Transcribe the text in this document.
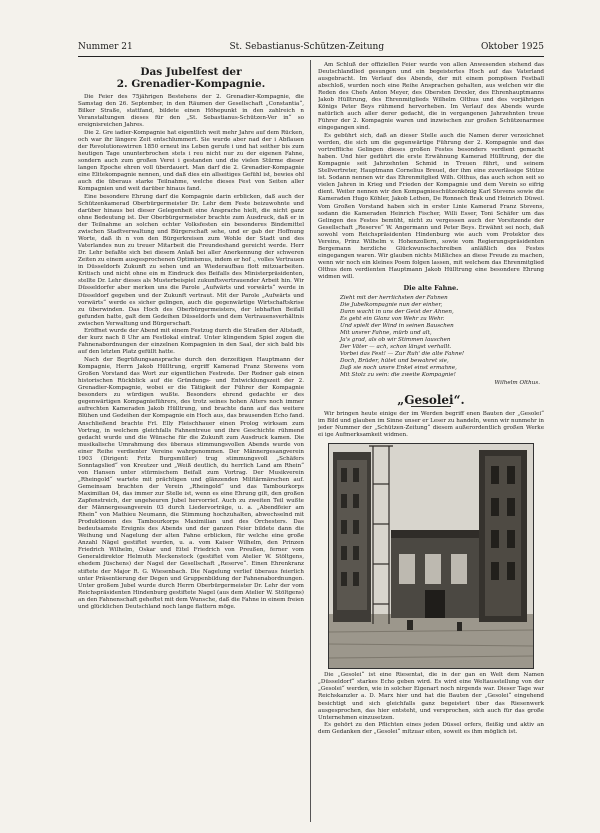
Nummer 21	St. Sebastianus-Schützen-Zeitung	Oktober 1925
Das Jubelfest der
2. Grenadier-Kompagnie.

Die Feier des 75jährigen Bestehens der 2. Grenadier-Kompagnie, die Samstag den 26. September, in den Räumen der Gesellschaft „Constantia“, Bilker Straße, stattfand, bildete einen Höhepunkt in den zahlreich n Veranstaltungen dieses für den „St. Sebastianus-Schützen-Ver in“ so ereignisreichen Jahres.

Die 2. Gre iadier-Kompagnie hat eigentlich weit mehr Jahre auf dem Rücken, och war ihr längere Zeit entschlummert. Sie wurde aber nad der i Abflauen der Revolutionswirren 1850 erneut ins Leben gerufe i und hat seither bis zum heutigen Tage ununterbrochen stets i reu nicht nur zu der eigenen Fahne, sondern auch zum großen Verei i gestanden und die vielen Stürme dieser langen Epoche ehren voll überdauert. Man darf die 2. Grenadier-Kompagnie eine Elitekompagnie nennen, und daß dies ein allseitiges Gefühl ist, bewies ohl auch die überaus starke Teilnahme, welche dieses Fest von Seiten aller Kompagnien und weit darüber hinaus fand.

Eine besondere Ehrung darf die Kompagnie darin erblicken, daß auch der Schützenkamerad Oberbürgermeister Dr. Lehr dem Feste beizuwohnte und darüber hinaus bei dieser Gelegenheit eine Ansprache hielt, die nicht ganz ohne Bedeutung ist. Der Oberbürgermeister brachte zum Ausdruck, daß er in der Teilnahme an solchen echter Volksfesten ein besonderes Bindemittel zwischen Stadtverwaltung und Bürgerschaft sehe, und er gab der Hoffnung Worte, daß ih n von den Bürgerkreisen zum Wohle der Stadt und des Vaterlandes nun zu treuer Mitarbeit die Freundeshand gereicht werde. Herr Dr. Lehr befaßte sich bei diesem Anlaß bei aller Anerkennung der schweren Zeiten zu einem ausgesprochenen Optimismus, indem er hof ., volles Vertrauen in Düsseldorfs Zukunft zu sehen und an Wiederaufbau flott mitzuarbeiten. Kritisch und nicht ohne ein m Eindruck des Beifalls des Ministerpräsidenten, stellte Dr. Lehr dieses als Musterbeispiel zukunftsvertrauender Arbeit hin. Wir Düsseldorfer aber merken uns die Parole „Aufwärts und vorwärts“ werde in Düsseldorf gegeben und der Zukunft vertraut. Mit der Parole „Aufwärts und vorwärts“ werde es sicher gelingen, auch die gegenwärtige Wirtschaftskrise zu überwinden. Das Hoch des Oberbürgermeisters, der lebhaften Beifall gefunden hatte, galt dem Gedeihen Düsseldorfs und dem Vertrauensverhältnis zwischen Verwaltung und Bürgerschaft.

Eröffnet wurde der Abend mit einem Festzug durch die Straßen der Altstadt, der kurz nach 8 Uhr am Festlokal eintraf. Unter klingendem Spiel zogen die Fahnenabordnungen der einzelnen Kompagnien in den Saal, der sich bald bis auf den letzten Platz gefüllt hatte.

Nach der Begrüßungsansprache durch den derzeitigen Hauptmann der Kompagnie, Herrn Jakob Hülltrung, ergriff Kamerad Franz Stewens vom Großen Vorstand das Wort zur eigentlichen Festrede. Der Redner gab einen historischen Rückblick auf die Gründungs- und Entwicklungszeit der 2. Grenadier-Kompagnie, wobei er die Tätigkeit der Führer der Kompagnie besonders zu würdigen wußte. Besonders ehrend gedachte er des gegenwärtigen Kompagnieführers, des trotz seines hohen Alters noch immer aufrechten Kameraden Jakob Hülltrung, und brachte dann auf das weitere Blühen und Gedeihen der Kompagnie ein Hoch aus, das brausenden Echo fand. Anschließend brachte Frl. Elly Fleischhauer einen Prolog wirksam zum Vortrag, in welchem gleichfalls Fahnentreue und ihre Geschichte rühmend gedacht wurde und die Wünsche für die Zukunft zum Ausdruck kamen. Die musikalische Umrahmung des überaus stimmungsvollen Abends wurde von einer Reihe verdienter Vereine wahrgenommen. Der Männergesangverein 1903 (Dirigent: Fritz Burgsmüller) trug stimmungsvoll „Schäfers Sonntagslied“ von Kreutzer und „Weiß deutlich, du herrlich Land am Rhein“ von Hansen unter stürmischem Beifall zum Vortrag. Der Musikverein „Rheingold“ wartete mit prächtigen und glänzenden Militärmärschen auf. Gemeinsam brachten der Verein „Rheingold“ und das Tambourkorps Maximilian 04, das immer zur Stelle ist, wenn es eine Ehrung gilt, den großen Zapfenstreich, der ungeheuren Jubel hervorrief. Auch zu zweiten Teil wußte der Männergesangverein 03 durch Liedervorträge, u. a. „Abendfeier am Rhein“ von Mathieu Neumann, die Stimmung hochzuhalten, abwechselnd mit Produktionen des Tambourkorps Maximilian und des Orchesters. Das bedeutsamste Ereignis des Abends und der ganzen Feier bildete dann die Weihung und Nagelung der alten Fahne erblicken, für welche eine große Anzahl Nägel gestiftet wurden, u. a. vom Kaiser Wilhelm, den Prinzen Friedrich Wilhelm, Oskar und Eitel Friedrich von Preußen, ferner vom Generaldirektor Helmuth Meckenstock (gestiftet vom Atelier W. Stöltgens, ehedem Jüschens) der Nagel der Gesellschaft „Reserve“. Einen Ehrenkranz stiftete der Major R. G. Wiesenbach. Die Nagelung verlief überaus feierlich unter Präsentierung der Degen und Gruppenbildung der Fahnenabordnungen. Unter großem Jubel wurde durch Herrn Oberbürgermeister Dr. Lehr der vom Reichspräsidenten Hindenburg gestiftete Nagel (aus dem Atelier W. Stöltgens) an den Fahnenschaft geheftet mit dem Wunsche, daß die Fahne in einem freien und glücklichen Deutschland noch lange flattern möge.

Am Schluß der offiziellen Feier wurde von allen Anwesenden stehend das Deutschlandlied gesungen und ein begeistertes Hoch auf das Vaterland ausgebracht. Im Verlauf des Abends, der mit einem pompösen Festball abschloß, wurden noch eine Reihe Ansprachen gehalten, aus welchen wir die Reden des Chefs Anton Meyer, des Obersten Drexler, des Ehrenhauptmanns Jakob Hülltrung, des Ehrenmitglieds Wilhelm Olthus und des vorjährigen Königs Peter Beys rühmend hervorheben. Im Verlauf des Abends wurde natürlich auch aller derer gedacht, die in vergangenen Jahrzehnten treue Führer der 2. Kompagnie waren und inzwischen zur großen Schützenarmee eingegangen sind.

Es gebührt sich, daß an dieser Stelle auch die Namen derer verzeichnet werden, die sich um die gegenwärtige Führung der 2. Kompagnie und das vortreffliche Gelingen dieses großen Festes besonders verdient gemacht haben. Und hier gedührt die erste Erwähnung Kamerad Hülltrung, der die Kompagnie seit Jahrzehnten Schmid in Treuen führt, und seinem Stellvertreter, Hauptmann Cornelius Breuel, der ihm eine zuverlässige Stütze ist. Sodann nennen wir das Ehrenmitglied Wilh. Olthus, das auch schon seit so vielen Jahren in Krieg und Frieden der Kompagnie und dem Verein so eifrig dient. Weiter nennen wir den Kompagnieschützenkönig Karl Stevens sowie die Kameraden Hugo Köhler, Jakob Lethen, De Ronnech Brak und Heinrich Düwel. Vom Großen Vorstand haben sich in erster Linie Kamerad Franz Stevens, sodann die Kameraden Heinrich Fischer, Willi Esser, Toni Schäfer um das Gelingen des Festes bemüht, nicht zu vergessen auch der Vorsitzende der Gesellschaft „Reserve“ W. Angermann und Peter Beys. Erwähnt sei noch, daß sowohl vom Reichspräsidenten Hindenburg wie auch vom Protektor des Vereins, Prinz Wilhelm v. Hohenzollern, sowie vom Regierungspräsidenten Bergemann herzliche Glückwunschschreiben anläßlich des Festes eingegangen waren. Wir glauben nichts Mißliches an diese Freude zu machen, wenn wir noch ein kleines Poem folgen lassen, mit welchem das Ehrenmitglied Olthus dem verdienten Hauptmann Jakob Hülltrung eine besondere Ehrung widmen will.

Die alte Fahne.
Zieht mit der herrlichsten der Fahnen
Die Jubelkompagnie nun der einher,
Dann wacht in uns der Geist der Ahnen,
Es geht ein Glanz von Wehr zu Wehr.
Und spielt der Wind in seinen Bauschen
Mit unsrer Fahne, mürb und alt,
Ja's grad, als ob wir Stimmen lauschen
Der Väter — ach, schon längst verhallt.
Vorbei das Fest! — Zur Ruh' die alte Fahne!
Doch, Brüder, hütet und bewahret sie,
Daß sie noch unsre Enkel einst ermahne,
Mit Stolz zu sein: die zweite Kompagnie!
Wilhelm Olthus.
„Gesolei“.

Wir bringen heute einige der im Werden begriff enen Bauten der „Gesolei“ im Bild und glauben im Sinne unser er Leser zu handeln, wenn wir nunmehr in jeder Nummer der „Schützen-Zeitung“ diesem außerordentlich großen Werke ei ige Aufmerksamkeit widmen.

Die „Gesolei“ ist eine Riesentat, die in der gan en Welt dem Namen „Düsseldorf“ starkes Echo geben wird. Es wird eine Weltausstellung von der „Gesolei“ werden, wie in solcher Eigenart noch nirgends war. Dieser Tage war Reichskanzler a. D. Marx hier und hat die Bauten der „Gesolei“ eingehend besichtigt und sich gleichfalls ganz begeistert über das Riesenwerk ausgesprochen, das hier entsteht, und versprochen, sich auch für das große Unternehmen einzusetzen.

Es gehört zu den Pflichten eines jeden Düssel orfers, fleißig und aktiv an dem Gedanken der „Gesolei“ mitzuar eiten, soweit es ihm möglich ist.
